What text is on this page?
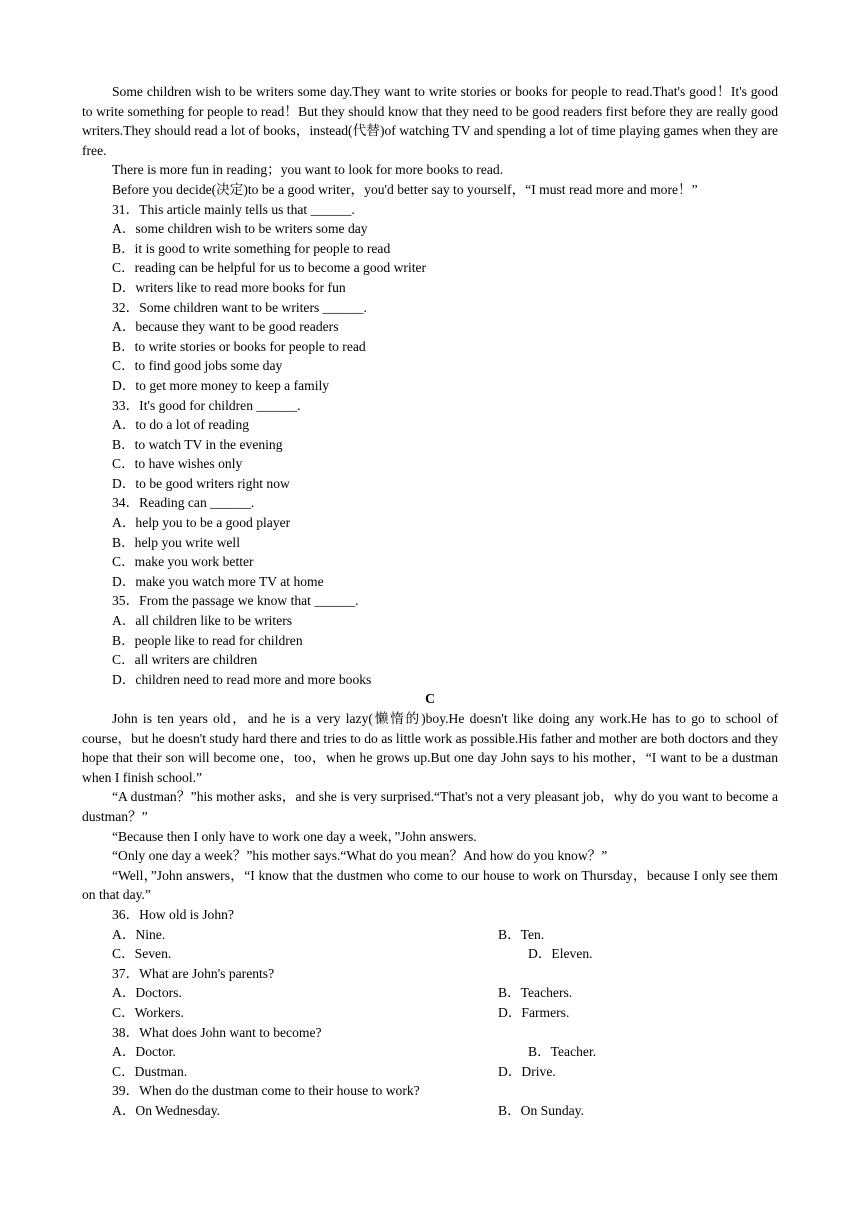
Some children wish to be writers some day.They want to write stories or books for people to read.That's good！It's good to write something for people to read！But they should know that they need to be good readers first before they are really good writers.They should read a lot of books，instead(代替)of watching TV and spending a lot of time playing games when they are free.

There is more fun in reading；you want to look for more books to read.

Before you decide(决定)to be a good writer，you'd better say to yourself，“I must read more and more！”

31．This article mainly tells us that ______.

A．some children wish to be writers some day

B．it is good to write something for people to read

C．reading can be helpful for us to become a good writer

D．writers like to read more books for fun

32．Some children want to be writers ______.

A．because they want to be good readers

B．to write stories or books for people to read

C．to find good jobs some day

D．to get more money to keep a family

33．It's good for children ______.

A．to do a lot of reading

B．to watch TV in the evening

C．to have wishes only

D．to be good writers right now

34．Reading can ______.

A．help you to be a good player

B．help you write well

C．make you work better

D．make you watch more TV at home

35．From the passage we know that ______.

A．all children like to be writers

B．people like to read for children

C．all writers are children

D．children need to read more and more books

C

John is ten years old，and he is a very lazy(懒惰的)boy.He doesn't like doing any work.He has to go to school of course，but he doesn't study hard there and tries to do as little work as possible.His father and mother are both doctors and they hope that their son will become one，too，when he grows up.But one day John says to his mother，“I want to be a dustman when I finish school.”

“A dustman？”his mother asks，and she is very surprised.“That's not a very pleasant job，why do you want to become a dustman？”

“Because then I only have to work one day a week，”John answers.

“Only one day a week？”his mother says.“What do you mean？And how do you know？”

“Well，”John answers，“I know that the dustmen who come to our house to work on Thursday，because I only see them on that day.”

36．How old is John?

A．Nine.	B．Ten.
C．Seven.	D．Eleven.

37．What are John's parents?

A．Doctors.	B．Teachers.
C．Workers.	D．Farmers.

38．What does John want to become?

A．Doctor.	B．Teacher.
C．Dustman.	D．Drive.

39．When do the dustman come to their house to work?

A．On Wednesday.	B．On Sunday.
